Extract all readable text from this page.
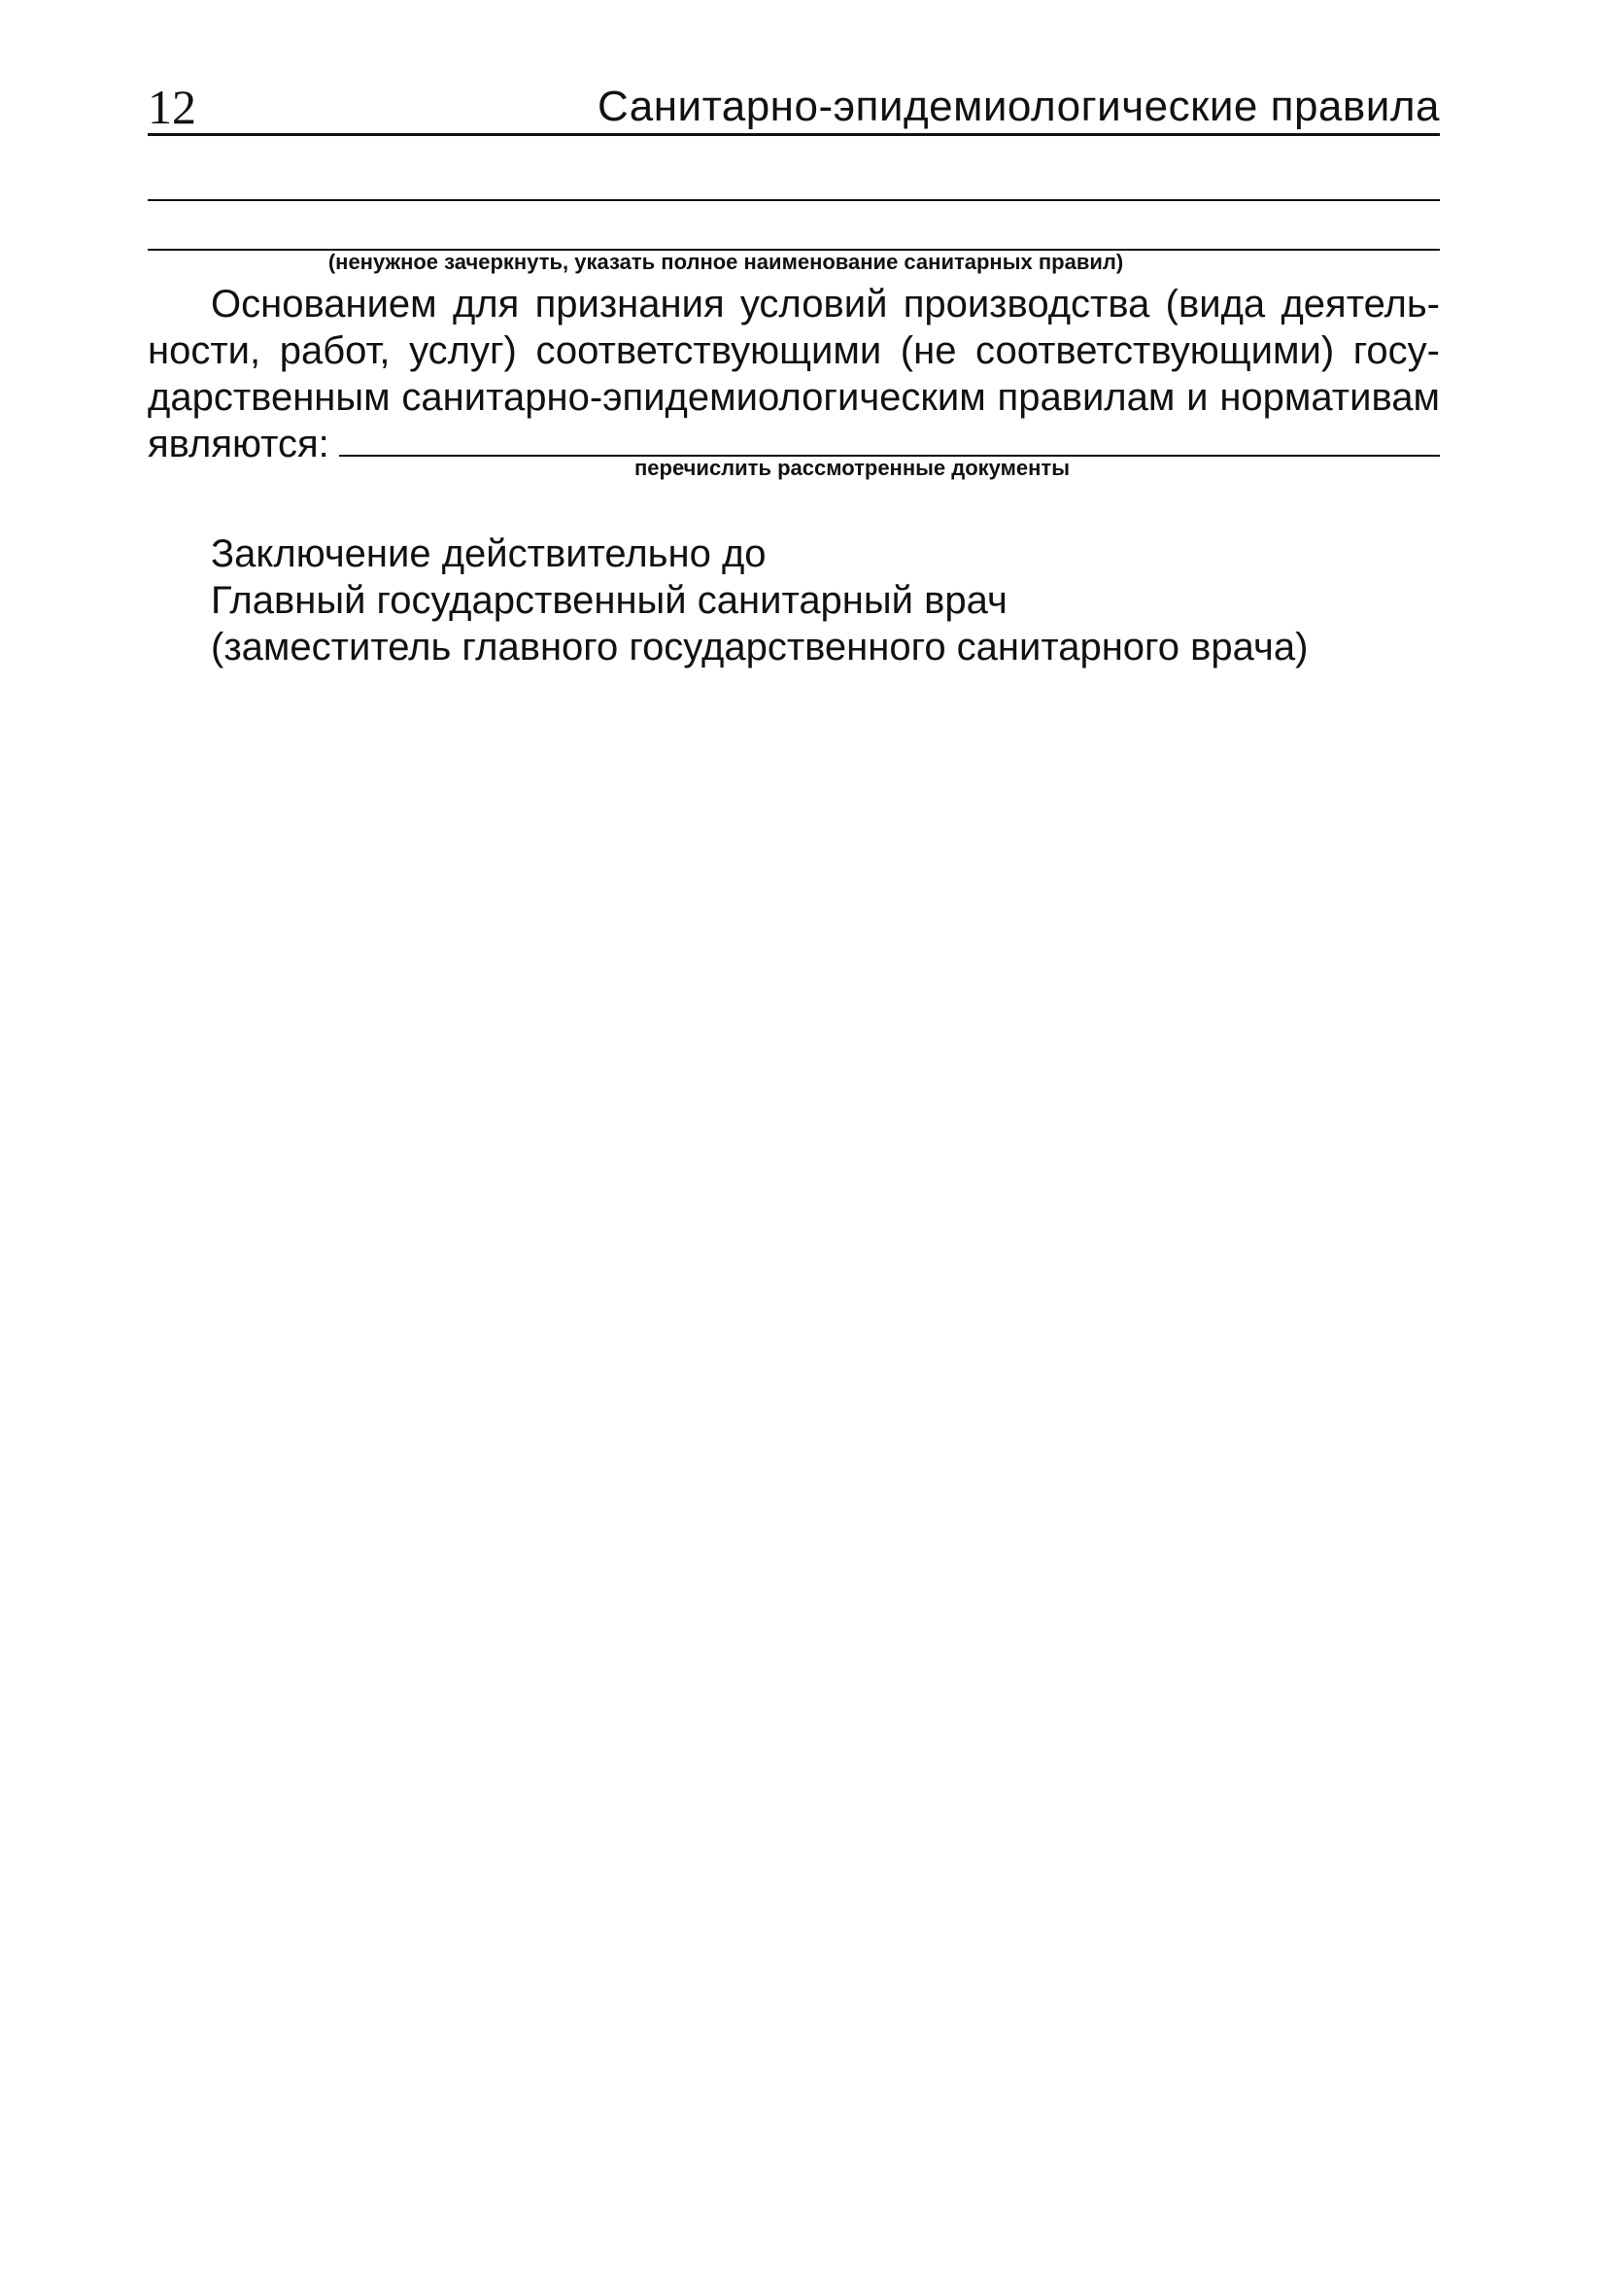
12	Санитарно-эпидемиологические правила
(ненужное зачеркнуть, указать полное наименование санитарных правил)
Основанием для признания условий производства (вида деятель-
ности, работ, услуг) соответствующими (не соответствующими) госу-
дарственным санитарно-эпидемиологическим правилам и нормативам
являются:
перечислить рассмотренные документы
Заключение действительно до
Главный государственный санитарный врач
(заместитель главного государственного санитарного врача)
